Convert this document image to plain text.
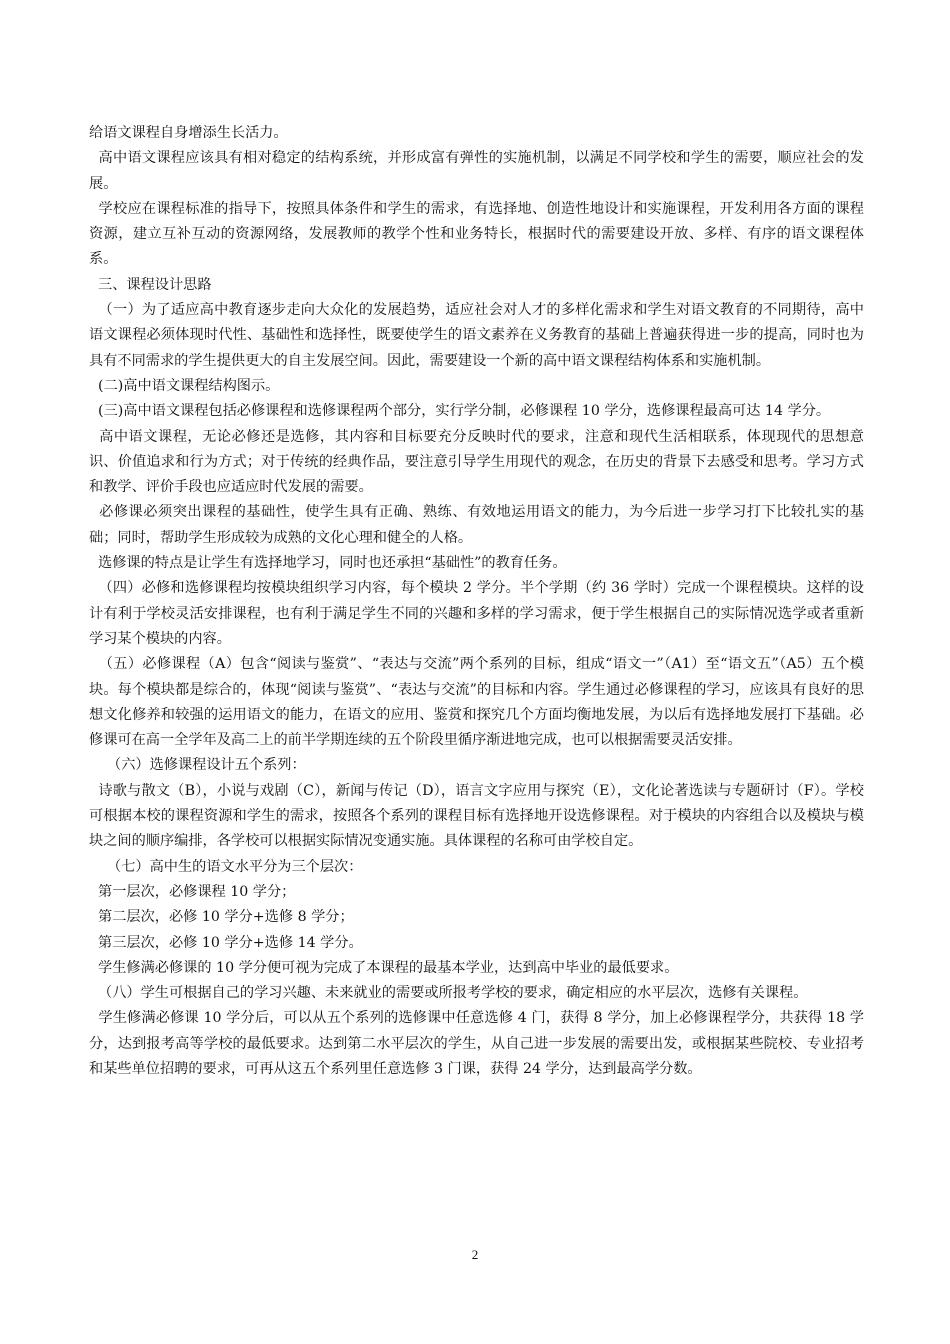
给语文课程自身增添生长活力。

高中语文课程应该具有相对稳定的结构系统，并形成富有弹性的实施机制，以满足不同学校和学生的需要，顺应社会的发展。

学校应在课程标准的指导下，按照具体条件和学生的需求，有选择地、创造性地设计和实施课程，开发利用各方面的课程资源，建立互补互动的资源网络，发展教师的教学个性和业务特长，根据时代的需要建设开放、多样、有序的语文课程体系。

三、课程设计思路

（一）为了适应高中教育逐步走向大众化的发展趋势，适应社会对人才的多样化需求和学生对语文教育的不同期待，高中语文课程必须体现时代性、基础性和选择性，既要使学生的语文素养在义务教育的基础上普遍获得进一步的提高，同时也为具有不同需求的学生提供更大的自主发展空间。因此，需要建设一个新的高中语文课程结构体系和实施机制。

(二)高中语文课程结构图示。

(三)高中语文课程包括必修课程和选修课程两个部分，实行学分制，必修课程 10 学分，选修课程最高可达 14 学分。

高中语文课程，无论必修还是选修，其内容和目标要充分反映时代的要求，注意和现代生活相联系，体现现代的思想意识、价值追求和行为方式；对于传统的经典作品，要注意引导学生用现代的观念，在历史的背景下去感受和思考。学习方式和教学、评价手段也应适应时代发展的需要。

必修课必须突出课程的基础性，使学生具有正确、熟练、有效地运用语文的能力，为今后进一步学习打下比较扎实的基础；同时，帮助学生形成较为成熟的文化心理和健全的人格。

选修课的特点是让学生有选择地学习，同时也还承担“基础性”的教育任务。

（四）必修和选修课程均按模块组织学习内容，每个模块 2 学分。半个学期（约 36 学时）完成一个课程模块。这样的设计有利于学校灵活安排课程，也有利于满足学生不同的兴趣和多样的学习需求，便于学生根据自己的实际情况选学或者重新学习某个模块的内容。

（五）必修课程（A）包含“阅读与鉴赏”、“表达与交流”两个系列的目标，组成“语文一”（A1）至“语文五”（A5）五个模块。每个模块都是综合的，体现“阅读与鉴赏”、“表达与交流”的目标和内容。学生通过必修课程的学习，应该具有良好的思想文化修养和较强的运用语文的能力，在语文的应用、鉴赏和探究几个方面均衡地发展，为以后有选择地发展打下基础。必修课可在高一全学年及高二上的前半学期连续的五个阶段里循序渐进地完成，也可以根据需要灵活安排。

（六）选修课程设计五个系列：

诗歌与散文（B），小说与戏剧（C），新闻与传记（D），语言文字应用与探究（E），文化论著选读与专题研讨（F）。学校可根据本校的课程资源和学生的需求，按照各个系列的课程目标有选择地开设选修课程。对于模块的内容组合以及模块与模块之间的顺序编排，各学校可以根据实际情况变通实施。具体课程的名称可由学校自定。

（七）高中生的语文水平分为三个层次：

第一层次，必修课程 10 学分；

第二层次，必修 10 学分+选修 8 学分；

第三层次，必修 10 学分+选修 14 学分。

学生修满必修课的 10 学分便可视为完成了本课程的最基本学业，达到高中毕业的最低要求。

（八）学生可根据自己的学习兴趣、未来就业的需要或所报考学校的要求，确定相应的水平层次，选修有关课程。

学生修满必修课 10 学分后，可以从五个系列的选修课中任意选修 4 门，获得 8 学分，加上必修课程学分，共获得 18 学分，达到报考高等学校的最低要求。达到第二水平层次的学生，从自己进一步发展的需要出发，或根据某些院校、专业招考和某些单位招聘的要求，可再从这五个系列里任意选修 3 门课，获得 24 学分，达到最高学分数。

2
